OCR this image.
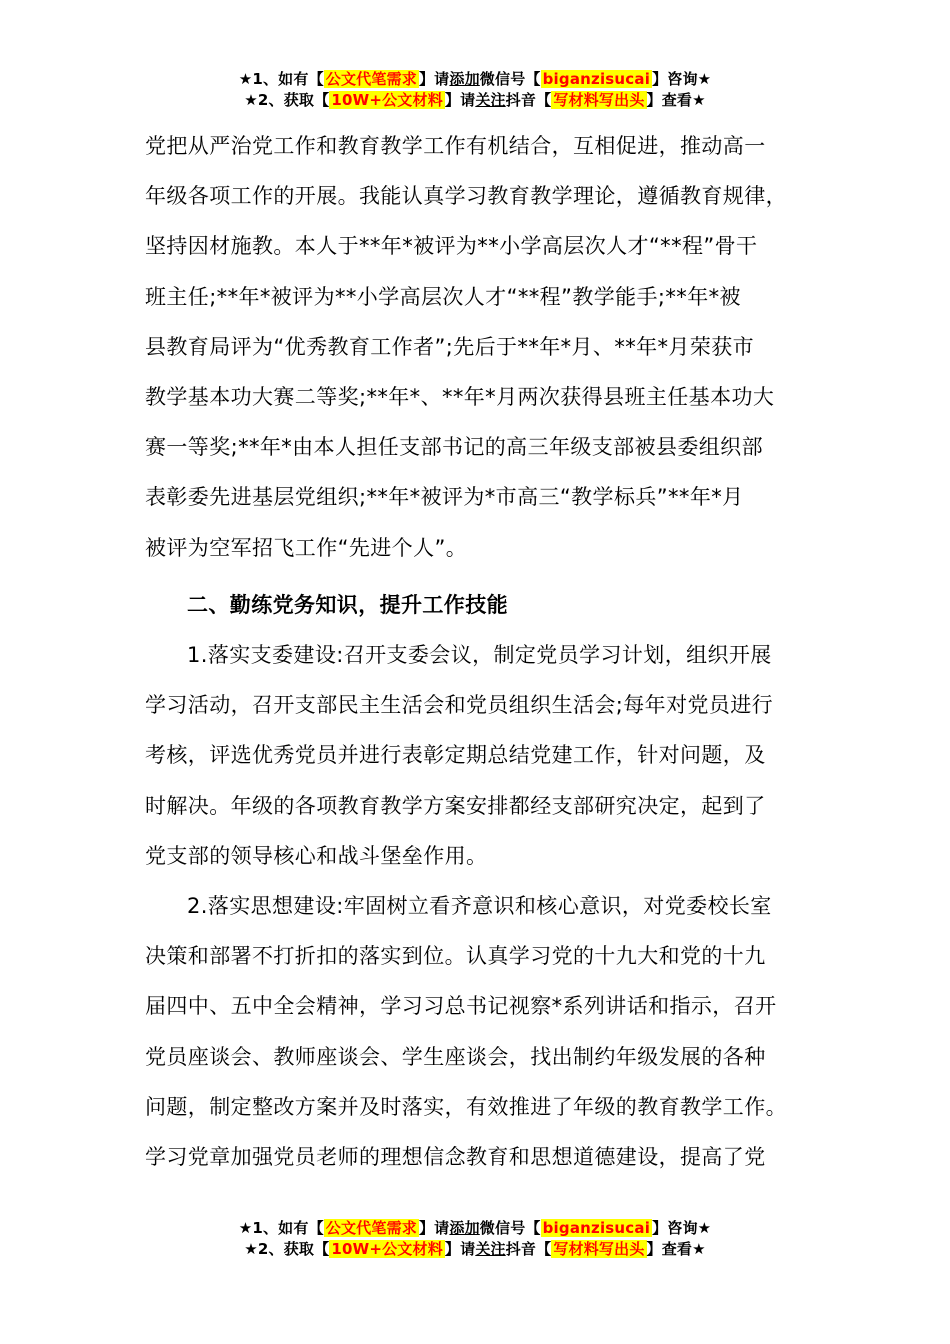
★1、如有【 公文代笔需求 】请添加微信号【 biganzisucai 】咨询★
★2、获取【 10W+公文材料 】请关注抖音【 写材料写出头 】查看★

党把从严治党工作和教育教学工作有机结合，互相促进，推动高一
年级各项工作的开展。我能认真学习教育教学理论，遵循教育规律，
坚持因材施教。本人于**年*被评为**小学高层次人才“**程”骨干
班主任;**年*被评为**小学高层次人才“**程”教学能手;**年*被
县教育局评为“优秀教育工作者”;先后于**年*月、**年*月荣获市
教学基本功大赛二等奖;**年*、**年*月两次获得县班主任基本功大
赛一等奖;**年*由本人担任支部书记的高三年级支部被县委组织部
表彰委先进基层党组织;**年*被评为*市高三“教学标兵”**年*月
被评为空军招飞工作“先进个人”。

二、勤练党务知识，提升工作技能

1.落实支委建设:召开支委会议，制定党员学习计划，组织开展
学习活动，召开支部民主生活会和党员组织生活会;每年对党员进行
考核，评选优秀党员并进行表彰定期总结党建工作，针对问题，及
时解决。年级的各项教育教学方案安排都经支部研究决定，起到了
党支部的领导核心和战斗堡垒作用。

2.落实思想建设:牢固树立看齐意识和核心意识，对党委校长室
决策和部署不打折扣的落实到位。认真学习党的十九大和党的十九
届四中、五中全会精神，学习习总书记视察*系列讲话和指示，召开
党员座谈会、教师座谈会、学生座谈会，找出制约年级发展的各种
问题，制定整改方案并及时落实，有效推进了年级的教育教学工作。
学习党章加强党员老师的理想信念教育和思想道德建设，提高了党

★1、如有【 公文代笔需求 】请添加微信号【 biganzisucai 】咨询★
★2、获取【 10W+公文材料 】请关注抖音【 写材料写出头 】查看★
